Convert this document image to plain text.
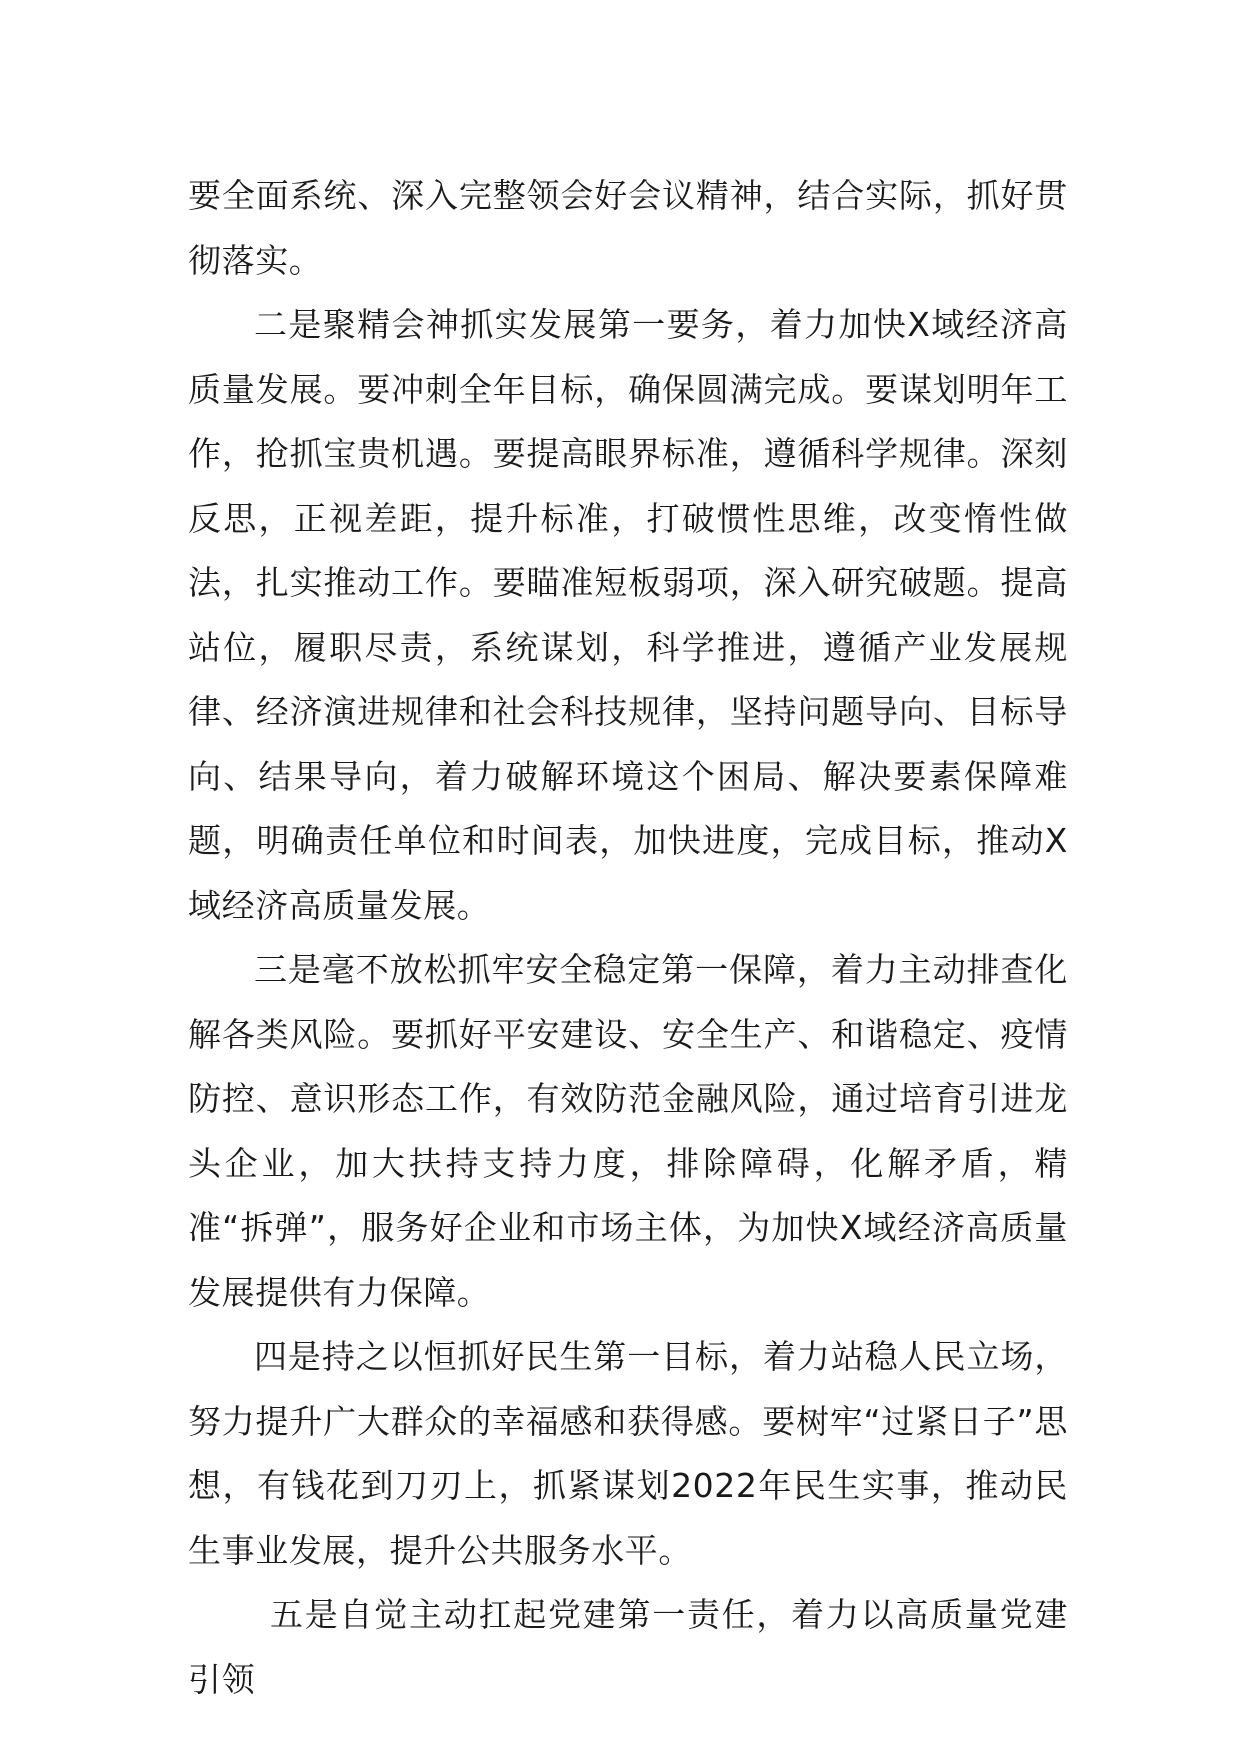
要全面系统、深入完整领会好会议精神，结合实际，抓好贯彻落实。

二是聚精会神抓实发展第一要务，着力加快X域经济高质量发展。要冲刺全年目标，确保圆满完成。要谋划明年工作，抢抓宝贵机遇。要提高眼界标准，遵循科学规律。深刻反思，正视差距，提升标准，打破惯性思维，改变惰性做法，扎实推动工作。要瞄准短板弱项，深入研究破题。提高站位，履职尽责，系统谋划，科学推进，遵循产业发展规律、经济演进规律和社会科技规律，坚持问题导向、目标导向、结果导向，着力破解环境这个困局、解决要素保障难题，明确责任单位和时间表，加快进度，完成目标，推动X域经济高质量发展。

三是毫不放松抓牢安全稳定第一保障，着力主动排查化解各类风险。要抓好平安建设、安全生产、和谐稳定、疫情防控、意识形态工作，有效防范金融风险，通过培育引进龙头企业，加大扶持支持力度，排除障碍，化解矛盾，精准“拆弹”，服务好企业和市场主体，为加快X域经济高质量发展提供有力保障。

四是持之以恒抓好民生第一目标，着力站稳人民立场，努力提升广大群众的幸福感和获得感。要树牢“过紧日子”思想，有钱花到刀刃上，抓紧谋划2022年民生实事，推动民生事业发展，提升公共服务水平。

五是自觉主动扛起党建第一责任，着力以高质量党建引领
